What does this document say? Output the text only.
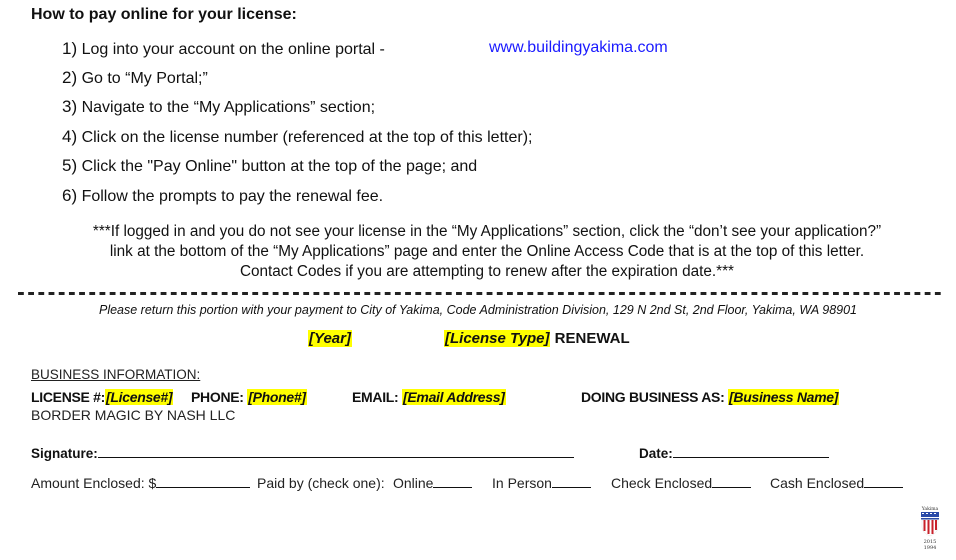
How to pay online for your license:
1) Log into your account on the online portal -	www.buildingyakima.com
2) Go to “My Portal;”
3) Navigate to the “My Applications” section;
4) Click on the license number (referenced at the top of this letter);
5) Click the "Pay Online" button at the top of the page; and
6) Follow the prompts to pay the renewal fee.
***If logged in and you do not see your license in the “My Applications” section, click the “don’t see your application?”
link at the bottom of the “My Applications” page and enter the Online Access Code that is at the top of this letter.
Contact Codes if you are attempting to renew after the expiration date.***
Please return this portion with your payment to City of Yakima, Code Administration Division, 129 N 2nd St, 2nd Floor, Yakima, WA 98901
[Year]	[License Type] RENEWAL
BUSINESS INFORMATION:
LICENSE #:[License#] PHONE: [Phone#]	EMAIL: [Email Address]	DOING BUSINESS AS: [Business Name]
BORDER MAGIC BY NASH LLC
Signature:	Date:
Amount Enclosed: $	Paid by (check one): Online	In Person	Check Enclosed	Cash Enclosed
Yakima
2015
1994
